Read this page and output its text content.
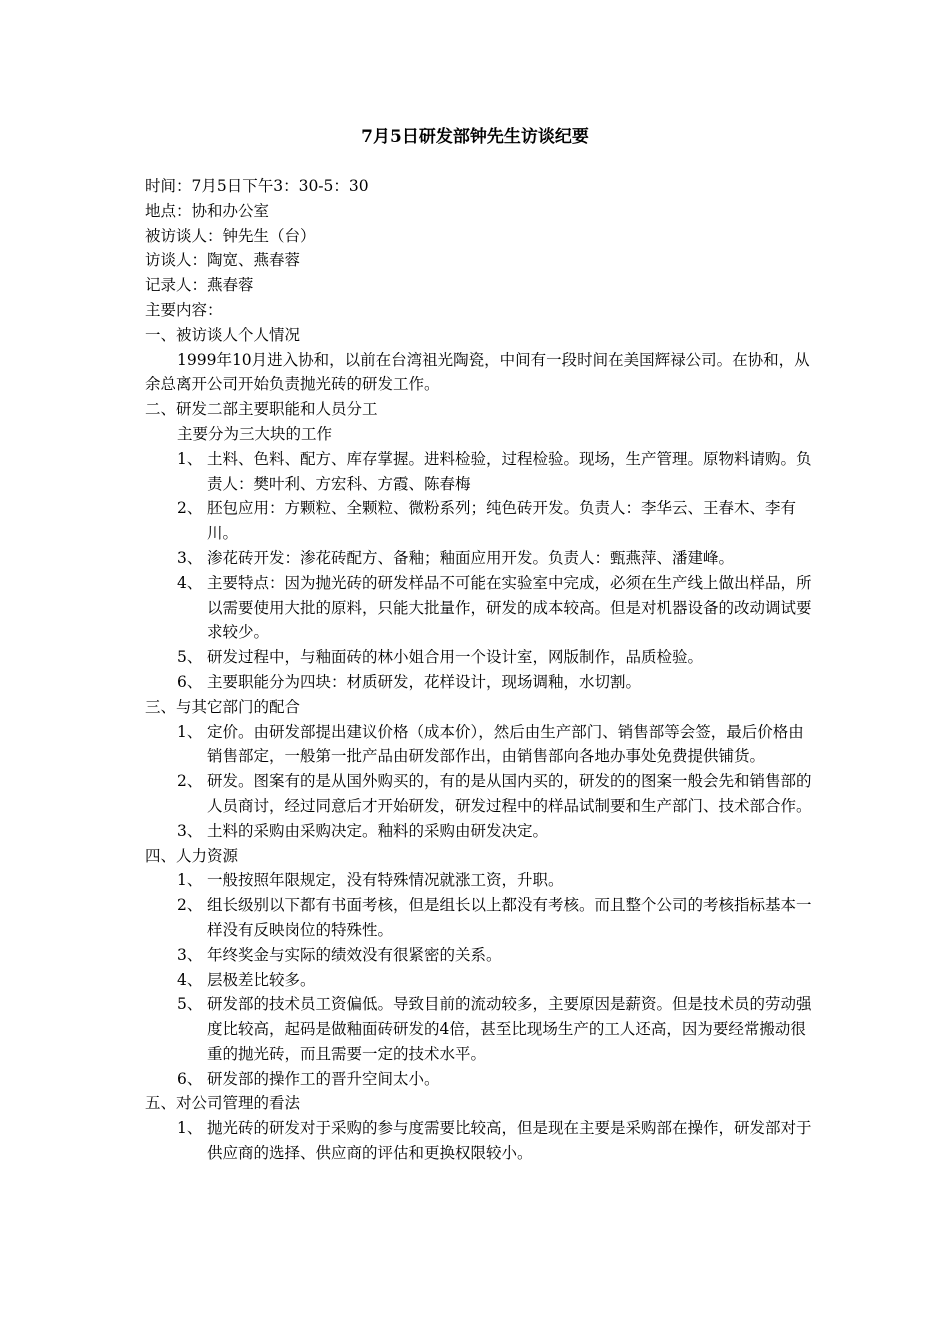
7月5日研发部钟先生访谈纪要

时间：7月5日下午3：30-5：30

地点：协和办公室

被访谈人：钟先生（台）

访谈人：陶宽、燕春蓉

记录人：燕春蓉

主要内容：

一、被访谈人个人情况

1999年10月进入协和，以前在台湾祖光陶瓷，中间有一段时间在美国辉禄公司。在协和，从余总离开公司开始负责抛光砖的研发工作。

二、研发二部主要职能和人员分工

主要分为三大块的工作

1、 土料、色料、配方、库存掌握。进料检验，过程检验。现场，生产管理。原物料请购。负责人：樊叶利、方宏科、方霞、陈春梅
2、 胚包应用：方颗粒、全颗粒、微粉系列；纯色砖开发。负责人：李华云、王春木、李有川。
3、 渗花砖开发：渗花砖配方、备釉；釉面应用开发。负责人：甄燕萍、潘建峰。
4、 主要特点：因为抛光砖的研发样品不可能在实验室中完成，必须在生产线上做出样品，所以需要使用大批的原料，只能大批量作，研发的成本较高。但是对机器设备的改动调试要求较少。
5、 研发过程中，与釉面砖的林小姐合用一个设计室，网版制作，品质检验。
6、 主要职能分为四块：材质研发，花样设计，现场调釉，水切割。

三、与其它部门的配合

1、 定价。由研发部提出建议价格（成本价），然后由生产部门、销售部等会签，最后价格由销售部定，一般第一批产品由研发部作出，由销售部向各地办事处免费提供铺货。
2、 研发。图案有的是从国外购买的，有的是从国内买的，研发的的图案一般会先和销售部的人员商讨，经过同意后才开始研发，研发过程中的样品试制要和生产部门、技术部合作。
3、 土料的采购由采购决定。釉料的采购由研发决定。

四、人力资源

1、 一般按照年限规定，没有特殊情况就涨工资，升职。
2、 组长级别以下都有书面考核，但是组长以上都没有考核。而且整个公司的考核指标基本一样没有反映岗位的特殊性。
3、 年终奖金与实际的绩效没有很紧密的关系。
4、 层极差比较多。
5、 研发部的技术员工资偏低。导致目前的流动较多，主要原因是薪资。但是技术员的劳动强度比较高，起码是做釉面砖研发的4倍，甚至比现场生产的工人还高，因为要经常搬动很重的抛光砖，而且需要一定的技术水平。
6、 研发部的操作工的晋升空间太小。

五、对公司管理的看法

1、 抛光砖的研发对于采购的参与度需要比较高，但是现在主要是采购部在操作，研发部对于供应商的选择、供应商的评估和更换权限较小。
